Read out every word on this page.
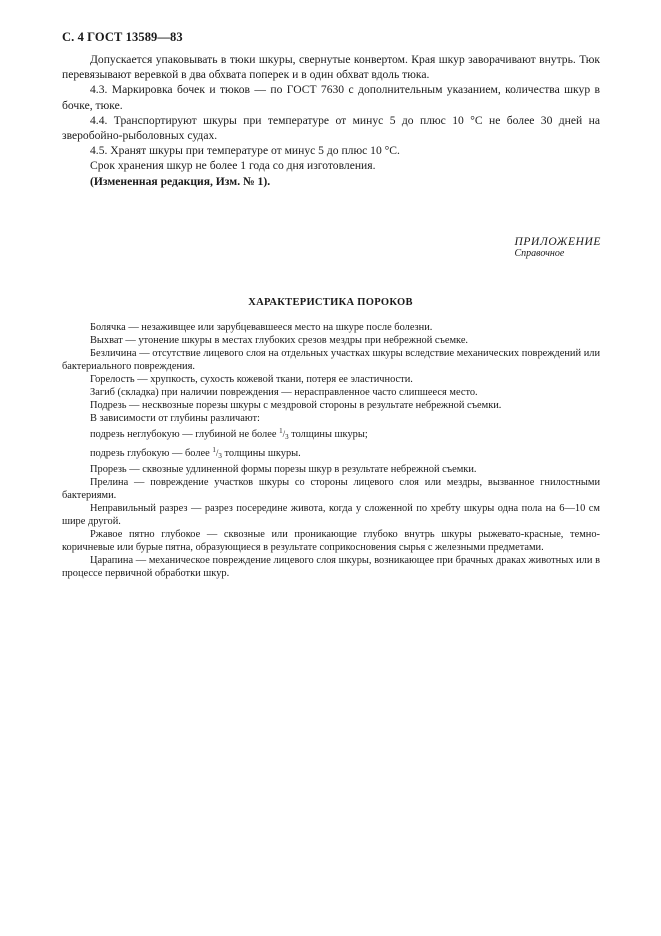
С. 4 ГОСТ 13589—83

Допускается упаковывать в тюки шкуры, свернутые конвертом. Края шкур заворачивают внутрь. Тюк перевязывают веревкой в два обхвата поперек и в один обхват вдоль тюка.

4.3. Маркировка бочек и тюков — по ГОСТ 7630 с дополнительным указанием, количества шкур в бочке, тюке.

4.4. Транспортируют шкуры при температуре от минус 5 до плюс 10 °С не более 30 дней на зверобойно-рыболовных судах.

4.5. Хранят шкуры при температуре от минус 5 до плюс 10 °С.

Срок хранения шкур не более 1 года со дня изготовления.

(Измененная редакция, Изм. № 1).

ПРИЛОЖЕНИЕ
Справочное
ХАРАКТЕРИСТИКА ПОРОКОВ

Болячка — незаживщее или зарубцевавшееся место на шкуре после болезни.

Выхват — утонение шкуры в местах глубоких срезов мездры при небрежной съемке.

Безличина — отсутствие лицевого слоя на отдельных участках шкуры вследствие механических повреждений или бактериального повреждения.

Горелость — хрупкость, сухость кожевой ткани, потеря ее эластичности.

Загиб (складка) при наличии повреждения — нерасправленное часто слипшееся место.

Подрезь — несквозные порезы шкуры с мездровой стороны в результате небрежной съемки.

В зависимости от глубины различают:

подрезь неглубокую — глубиной не более $^1/_3$ толщины шкуры;

подрезь глубокую — более $^1/_3$ толщины шкуры.

Прорезь — сквозные удлиненной формы порезы шкур в результате небрежной съемки.

Прелина — повреждение участков шкуры со стороны лицевого слоя или мездры, вызванное гнилостными бактериями.

Неправильный разрез — разрез посередине живота, когда у сложенной по хребту шкуры одна пола на 6—10 см шире другой.

Ржавое пятно глубокое — сквозные или проникающие глубоко внутрь шкуры рыжевато-красные, темно-коричневые или бурые пятна, образующиеся в результате соприкосновения сырья с железными предметами.

Царапина — механическое повреждение лицевого слоя шкуры, возникающее при брачных драках животных или в процессе первичной обработки шкур.
